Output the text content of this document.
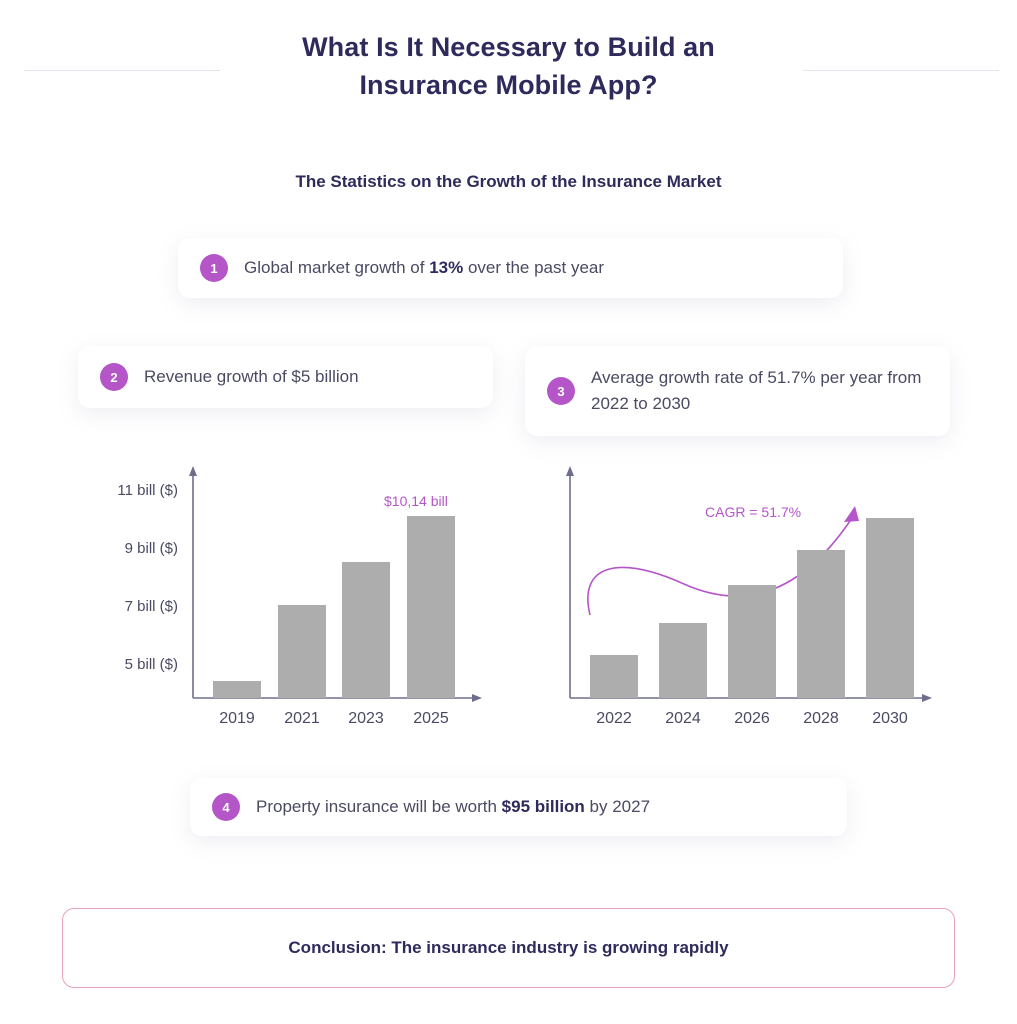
What Is It Necessary to Build an
Insurance Mobile App?
The Statistics on the Growth of the Insurance Market
1	Global market growth of 13% over the past year
2	Revenue growth of $5 billion
3
Average growth rate of 51.7% per year from 2022 to 2030
11 bill ($)
9 bill ($)
7 bill ($)
5 bill ($)
$10,14 bill
2019	2021	2023	2025
CAGR = 51.7%
2022	2024	2026	2028	2030
4	Property insurance will be worth $95 billion by 2027
Conclusion: The insurance industry is growing rapidly
